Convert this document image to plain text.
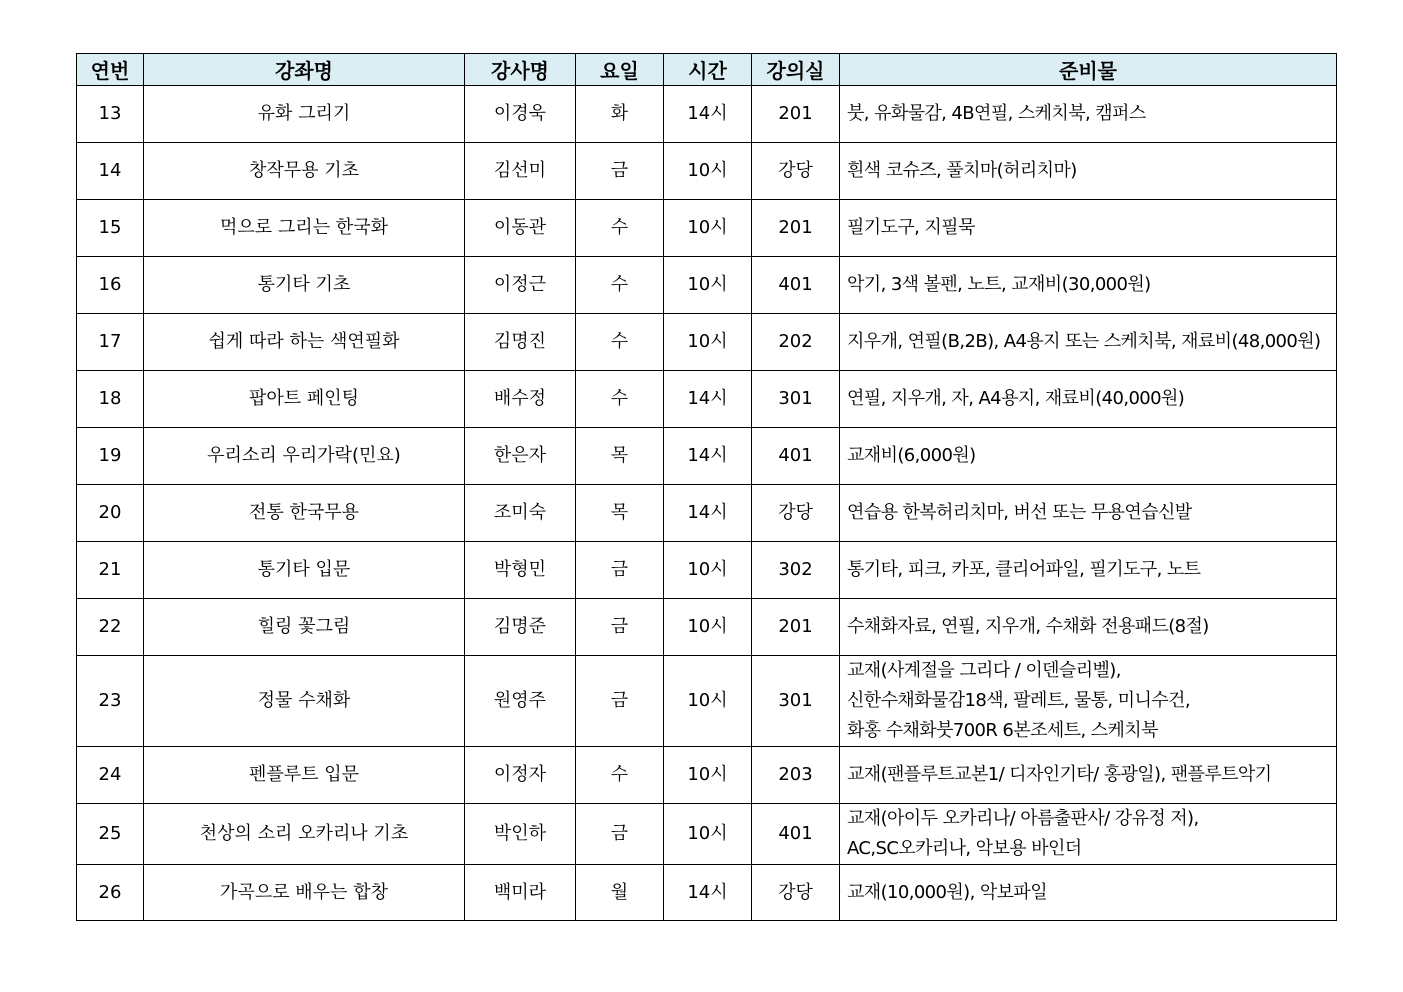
연번	강좌명	강사명	요일	시간	강의실	준비물
13	유화 그리기	이경욱	화	14시	201	붓, 유화물감, 4B연필, 스케치북, 캠퍼스

14	창작무용 기초	김선미	금	10시	강당	흰색 코슈즈, 풀치마(허리치마)

15	먹으로 그리는 한국화	이동관	수	10시	201	필기도구, 지필묵

16	통기타 기초	이정근	수	10시	401	악기, 3색 볼펜, 노트, 교재비(30,000원)

17	쉽게 따라 하는 색연필화	김명진	수	10시	202	지우개, 연필(B,2B), A4용지 또는 스케치북, 재료비(48,000원)

18	팝아트 페인팅	배수정	수	14시	301	연필, 지우개, 자, A4용지, 재료비(40,000원)

19	우리소리 우리가락(민요)	한은자	목	14시	401	교재비(6,000원)

20	전통 한국무용	조미숙	목	14시	강당	연습용 한복허리치마, 버선 또는 무용연습신발

21	통기타 입문	박형민	금	10시	302	통기타, 피크, 카포, 클리어파일, 필기도구, 노트

22	힐링 꽃그림	김명준	금	10시	201	수채화자료, 연필, 지우개, 수채화 전용패드(8절)

23	정물 수채화	원영주	금	10시	301	교재(사계절을 그리다 / 이덴슬리벨),
신한수채화물감18색, 팔레트, 물통, 미니수건,
화홍 수채화붓700R 6본조세트, 스케치북

24	펜플루트 입문	이정자	수	10시	203	교재(팬플루트교본1/ 디자인기타/ 홍광일), 팬플루트악기

25	천상의 소리 오카리나 기초	박인하	금	10시	401	교재(아이두 오카리나/ 아름출판사/ 강유정 저),
AC,SC오카리나, 악보용 바인더

26	가곡으로 배우는 합창	백미라	월	14시	강당	교재(10,000원), 악보파일
